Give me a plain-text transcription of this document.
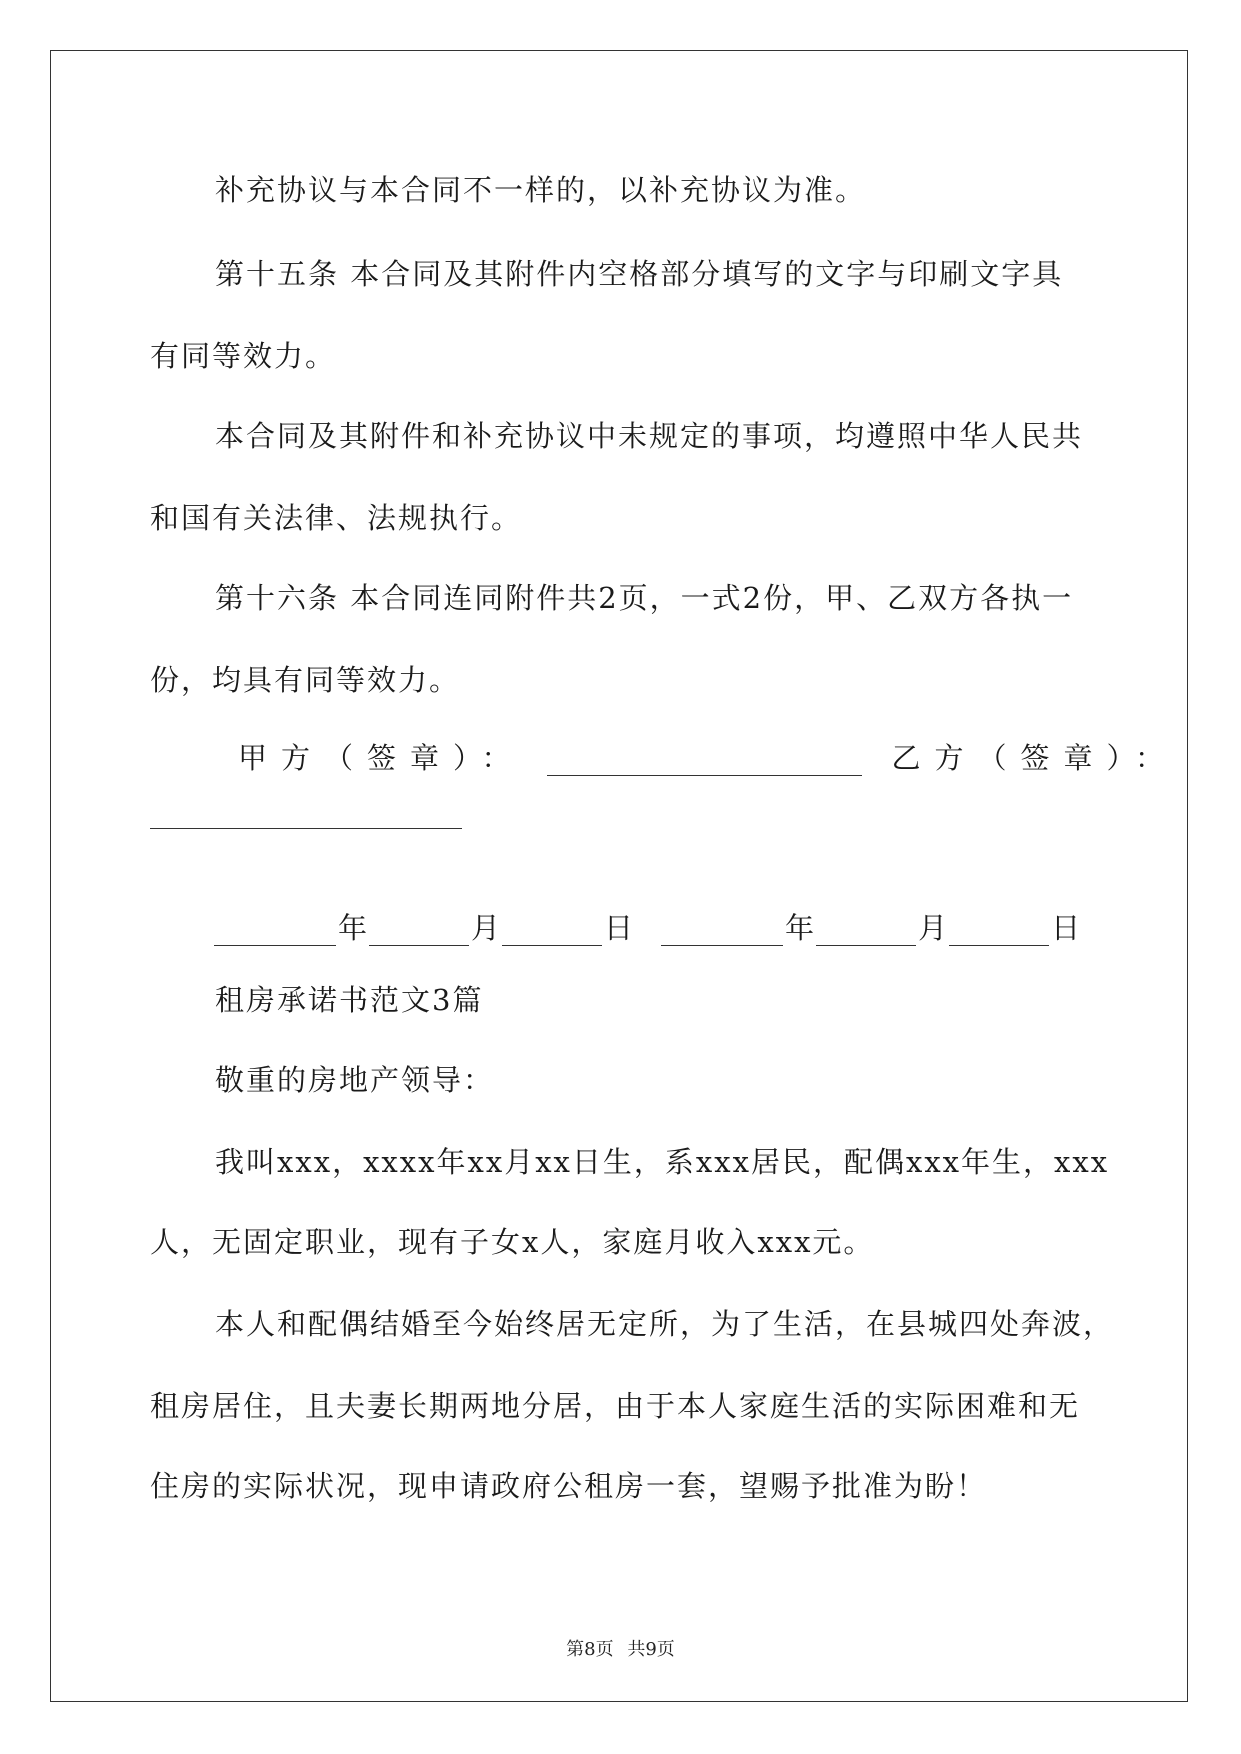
补充协议与本合同不一样的，以补充协议为准。
第十五条 本合同及其附件内空格部分填写的文字与印刷文字具
有同等效力。
本合同及其附件和补充协议中未规定的事项，均遵照中华人民共
和国有关法律、法规执行。
第十六条 本合同连同附件共2页，一式2份，甲、乙双方各执一
份，均具有同等效力。
甲方（签章）：	乙方（签章）：
年	月	日	年	月	日
租房承诺书范文3篇
敬重的房地产领导：
我叫xxx，xxxx年xx月xx日生，系xxx居民，配偶xxx年生，xxx
人，无固定职业，现有子女x人，家庭月收入xxx元。
本人和配偶结婚至今始终居无定所，为了生活，在县城四处奔波，
租房居住，且夫妻长期两地分居，由于本人家庭生活的实际困难和无
住房的实际状况，现申请政府公租房一套，望赐予批准为盼！
第8页 共9页
